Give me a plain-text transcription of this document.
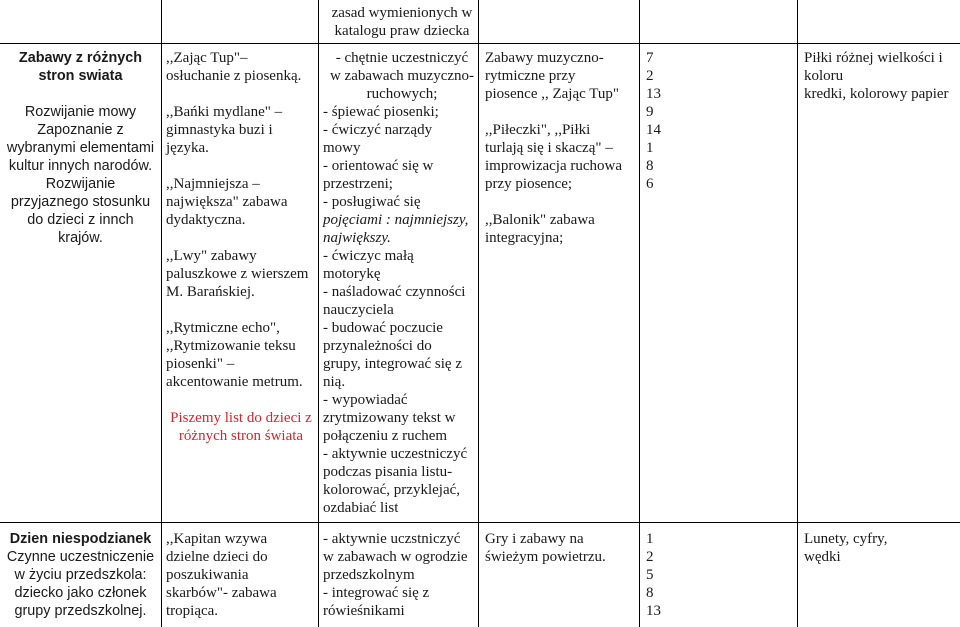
zasad wymienionych w
katalogu praw dziecka
Zabawy z różnych
stron swiata
Rozwijanie mowy
Zapoznanie z
wybranymi elementami
kultur innych narodów.
Rozwijanie
przyjaznego stosunku
do dzieci z innch
krajów.
,,Zając Tup"–
osłuchanie z piosenką.
,,Bańki mydlane" –
gimnastyka buzi i
języka.
,,Najmniejsza –
największa" zabawa
dydaktyczna.
,,Lwy" zabawy
paluszkowe z wierszem
M. Barańskiej.
,,Rytmiczne echo",
,,Rytmizowanie teksu
piosenki" –
akcentowanie metrum.
Piszemy list do dzieci z
różnych stron świata
- chętnie uczestniczyć
w zabawach muzyczno-
ruchowych;
- śpiewać piosenki;
- ćwiczyć narządy
mowy
- orientować się w
przestrzeni;
- posługiwać się
pojęciami : najmniejszy,
największy.
- ćwiczyc małą
motorykę
- naśladować czynności
nauczyciela
- budować poczucie
przynależności do
grupy, integrować się z
nią.
- wypowiadać
zrytmizowany tekst w
połączeniu z ruchem
- aktywnie uczestniczyć
podczas pisania listu-
kolorować, przyklejać,
ozdabiać list
Zabawy muzyczno-
rytmiczne przy
piosence ,, Zając Tup"
,,Piłeczki", ,,Piłki
turlają się i skaczą" –
improwizacja ruchowa
przy piosence;
,,Balonik" zabawa
integracyjna;
7
2
13
9
14
1
8
6
Piłki różnej wielkości i
koloru
kredki, kolorowy papier
Dzien niespodzianek
Czynne uczestniczenie
w życiu przedszkola:
dziecko jako członek
grupy przedszkolnej.
,,Kapitan wzywa
dzielne dzieci do
poszukiwania
skarbów"- zabawa
tropiąca.
- aktywnie uczstniczyć
w zabawach w ogrodzie
przedszkolnym
- integrować się z
rówieśnikami
Gry i zabawy na
świeżym powietrzu.
1
2
5
8
13
Lunety, cyfry,
wędki
